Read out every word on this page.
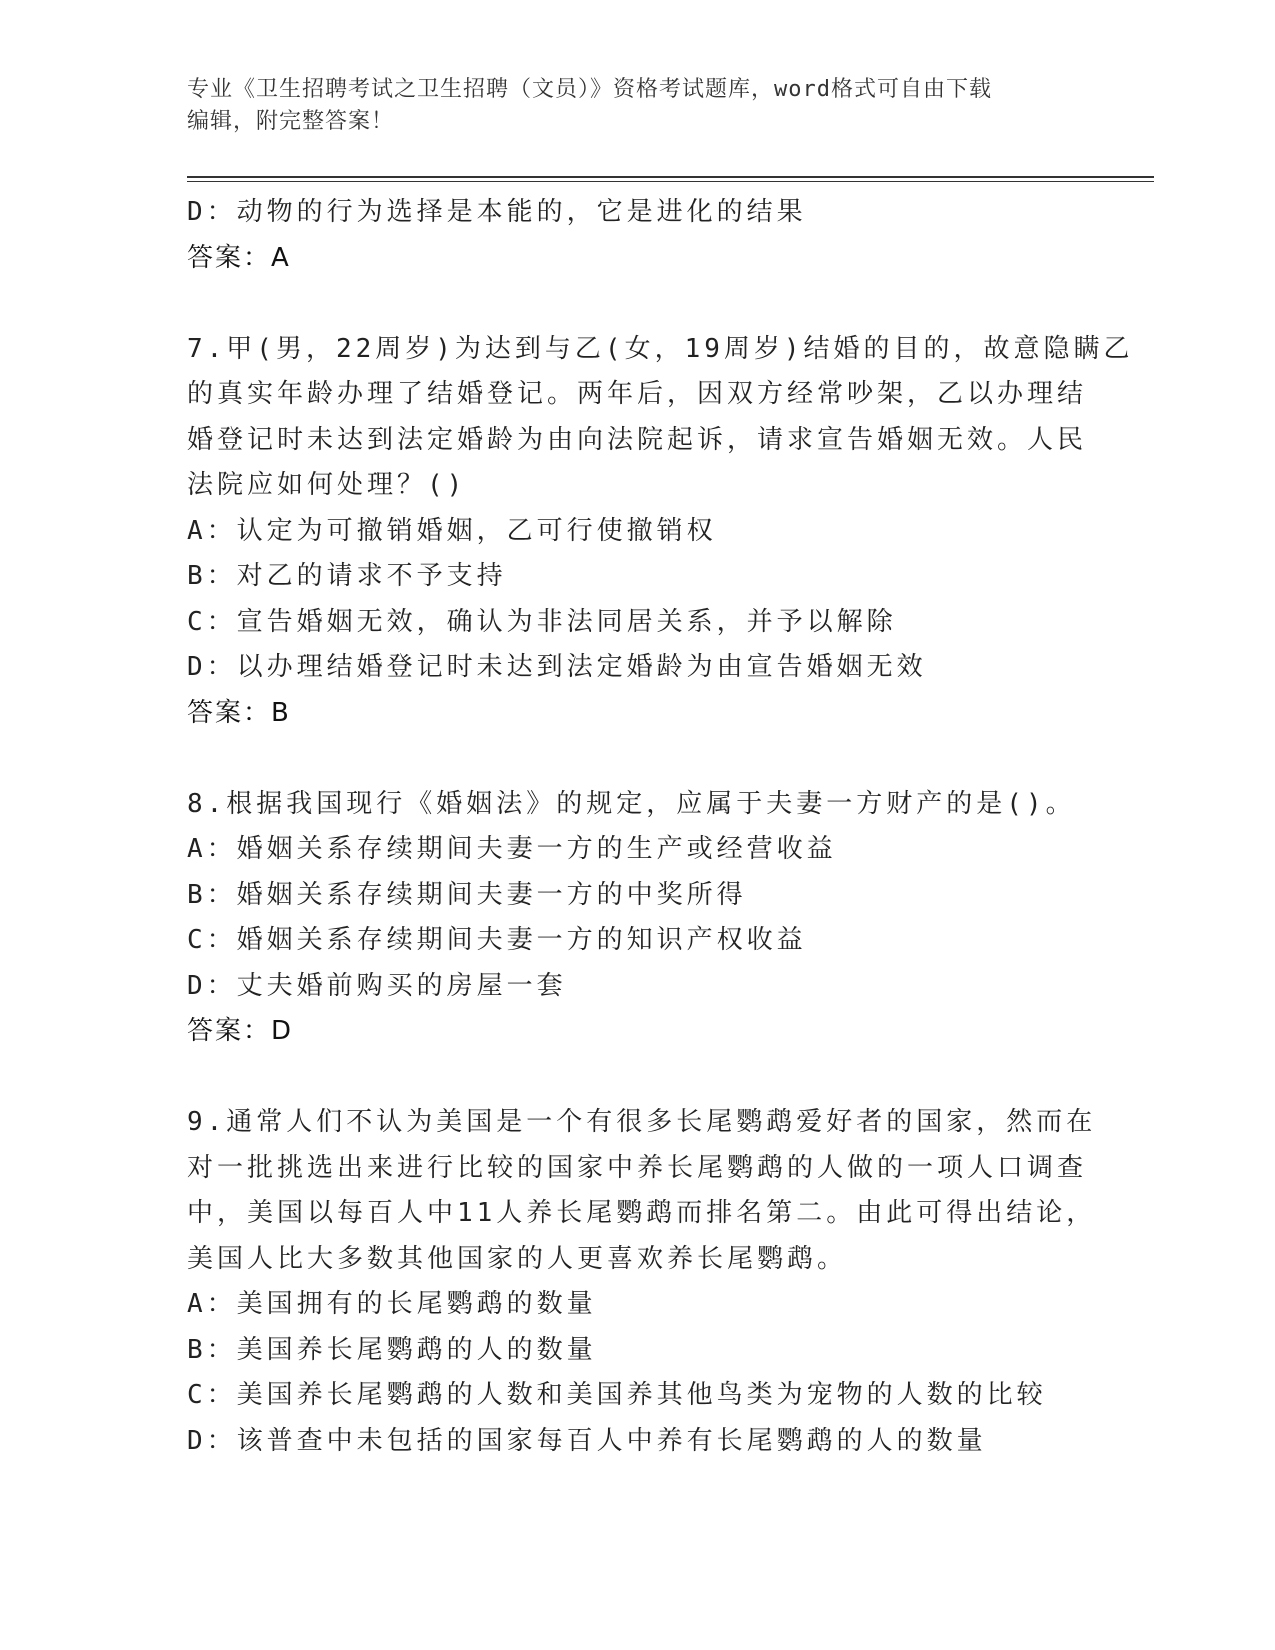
专业《卫生招聘考试之卫生招聘（文员）》资格考试题库，word格式可自由下载
编辑，附完整答案！
D：动物的行为选择是本能的，它是进化的结果
答案：A
7.甲(男，22周岁)为达到与乙(女，19周岁)结婚的目的，故意隐瞒乙
的真实年龄办理了结婚登记。两年后，因双方经常吵架，乙以办理结
婚登记时未达到法定婚龄为由向法院起诉，请求宣告婚姻无效。人民
法院应如何处理？()
A：认定为可撤销婚姻，乙可行使撤销权
B：对乙的请求不予支持
C：宣告婚姻无效，确认为非法同居关系，并予以解除
D：以办理结婚登记时未达到法定婚龄为由宣告婚姻无效
答案：B
8.根据我国现行《婚姻法》的规定，应属于夫妻一方财产的是()。
A：婚姻关系存续期间夫妻一方的生产或经营收益
B：婚姻关系存续期间夫妻一方的中奖所得
C：婚姻关系存续期间夫妻一方的知识产权收益
D：丈夫婚前购买的房屋一套
答案：D
9.通常人们不认为美国是一个有很多长尾鹦鹉爱好者的国家，然而在
对一批挑选出来进行比较的国家中养长尾鹦鹉的人做的一项人口调查
中，美国以每百人中11人养长尾鹦鹉而排名第二。由此可得出结论，
美国人比大多数其他国家的人更喜欢养长尾鹦鹉。
A：美国拥有的长尾鹦鹉的数量
B：美国养长尾鹦鹉的人的数量
C：美国养长尾鹦鹉的人数和美国养其他鸟类为宠物的人数的比较
D：该普查中未包括的国家每百人中养有长尾鹦鹉的人的数量
